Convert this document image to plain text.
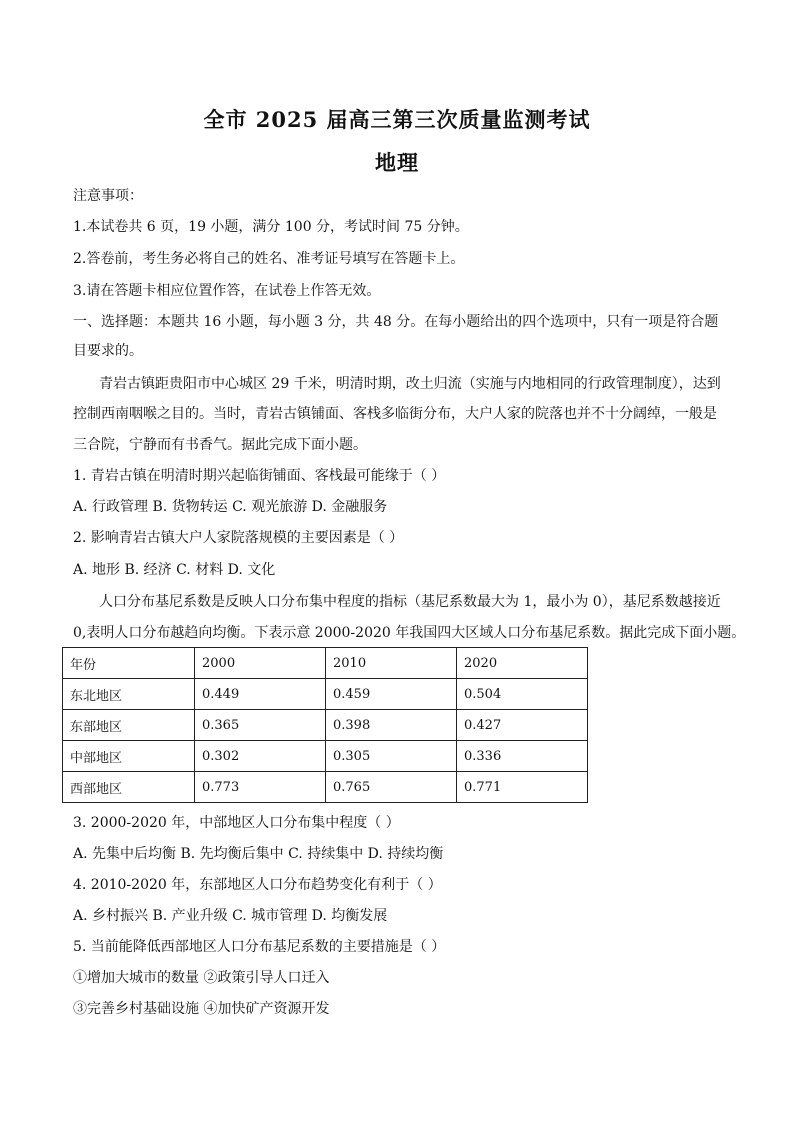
全市 2025 届高三第三次质量监测考试
地理
注意事项：
1.本试卷共 6 页，19 小题，满分 100 分，考试时间 75 分钟。
2.答卷前，考生务必将自己的姓名、准考证号填写在答题卡上。
3.请在答题卡相应位置作答，在试卷上作答无效。
一、选择题：本题共 16 小题，每小题 3 分，共 48 分。在每小题给出的四个选项中，只有一项是符合题
目要求的。
青岩古镇距贵阳市中心城区 29 千米，明清时期，改土归流（实施与内地相同的行政管理制度），达到
控制西南咽喉之目的。当时，青岩古镇铺面、客栈多临街分布，大户人家的院落也并不十分阔绰，一般是
三合院，宁静而有书香气。据此完成下面小题。
1. 青岩古镇在明清时期兴起临街铺面、客栈最可能缘于（ ）
A. 行政管理 B. 货物转运 C. 观光旅游 D. 金融服务
2. 影响青岩古镇大户人家院落规模的主要因素是（ ）
A. 地形 B. 经济 C. 材料 D. 文化
人口分布基尼系数是反映人口分布集中程度的指标（基尼系数最大为 1，最小为 0），基尼系数越接近
0,表明人口分布越趋向均衡。下表示意 2000-2020 年我国四大区域人口分布基尼系数。据此完成下面小题。
年份	2000	2010	2020
东北地区	0.449	0.459	0.504
东部地区	0.365	0.398	0.427
中部地区	0.302	0.305	0.336
西部地区	0.773	0.765	0.771
3. 2000-2020 年，中部地区人口分布集中程度（ ）
A. 先集中后均衡 B. 先均衡后集中 C. 持续集中 D. 持续均衡
4. 2010-2020 年，东部地区人口分布趋势变化有利于（ ）
A. 乡村振兴 B. 产业升级 C. 城市管理 D. 均衡发展
5. 当前能降低西部地区人口分布基尼系数的主要措施是（ ）
①增加大城市的数量 ②政策引导人口迁入
③完善乡村基础设施 ④加快矿产资源开发
